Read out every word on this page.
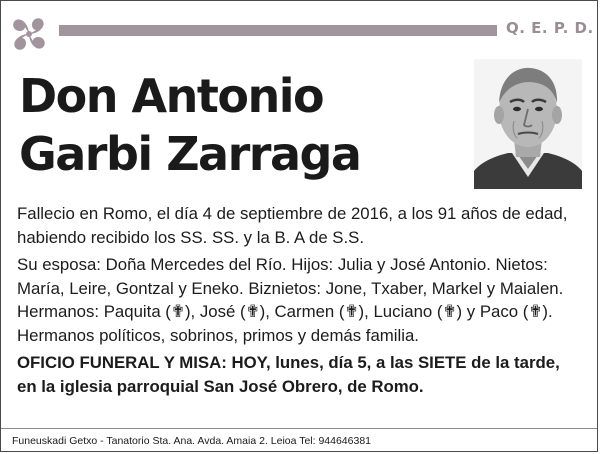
Q. E. P. D.
Don Antonio
Garbi Zarraga

Fallecio en Romo, el día 4 de septiembre de 2016, a los 91 años de edad, habiendo recibido los SS. SS. y la B. A de S.S.

Su esposa: Doña Mercedes del Río. Hijos: Julia y José Antonio. Nietos: María, Leire, Gontzal y Eneko. Biznietos: Jone, Txaber, Markel y Maialen. Hermanos: Paquita (✟), José (✟), Carmen (✟), Luciano (✟) y Paco (✟). Hermanos políticos, sobrinos, primos y demás familia.

OFICIO FUNERAL Y MISA: HOY, lunes, día 5, a las SIETE de la tarde, en la iglesia parroquial San José Obrero, de Romo.

Funeuskadi Getxo - Tanatorio Sta. Ana. Avda. Amaia 2. Leioa Tel: 944646381
